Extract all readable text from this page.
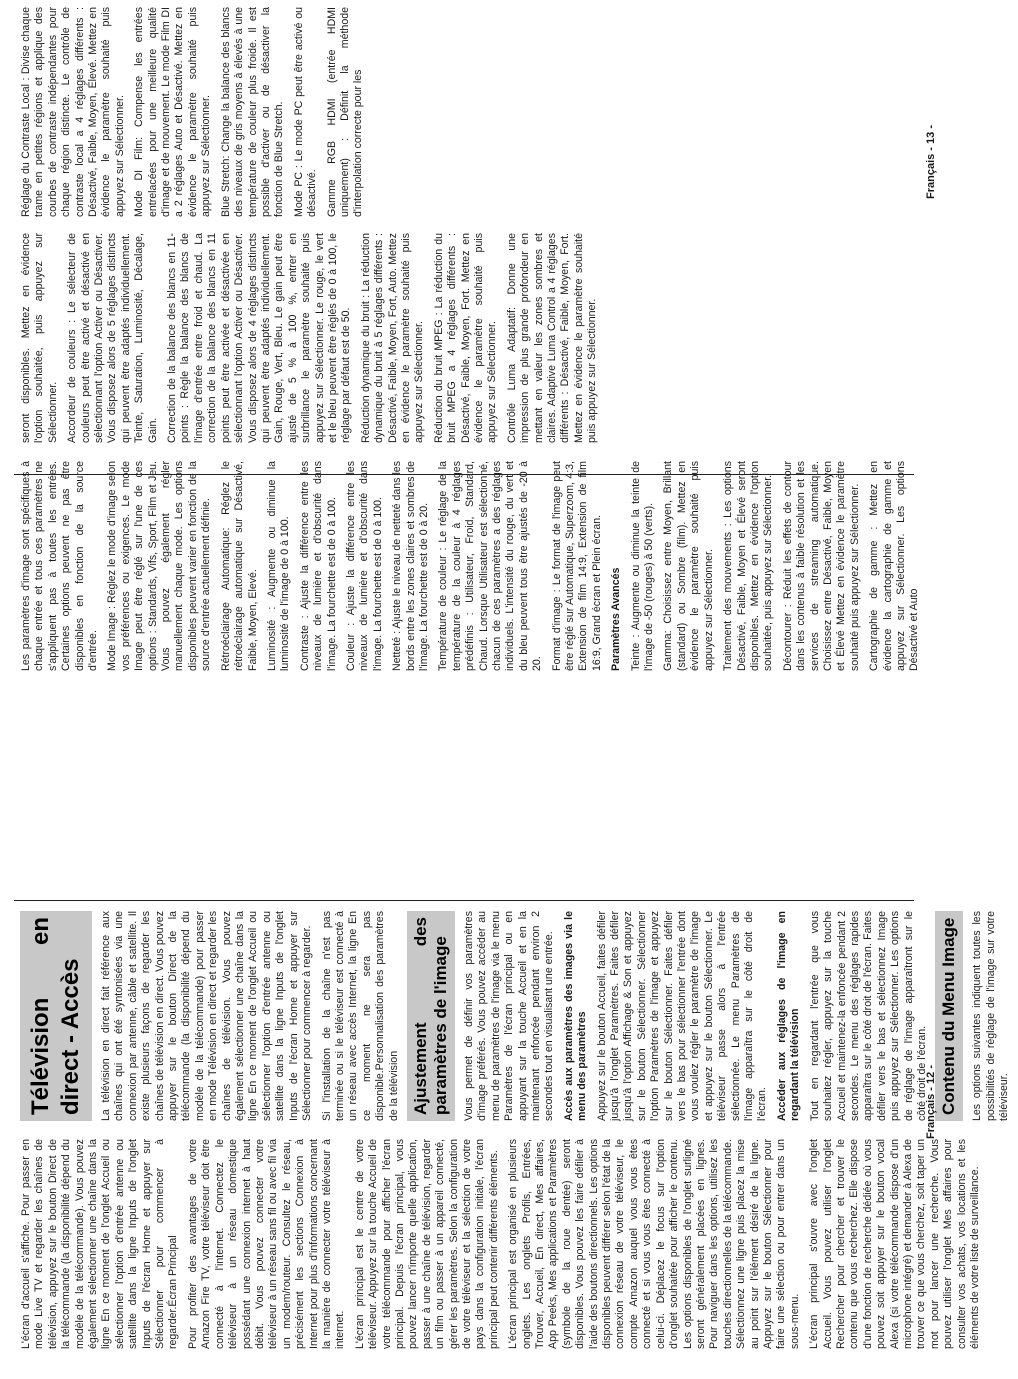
L'écran d'accueil s'affiche. Pour passer en mode Live TV et regarder les chaînes de télévision, appuyez sur le bouton Direct de la télécommande (la disponibilité dépend du modèle de la télécommande). Vous pouvez également sélectionner une chaîne dans la ligne En ce moment de l'onglet Accueil ou sélectionner l'option d'entrée antenne ou satellite dans la ligne Inputs de l'onglet Inputs de l'écran Home et appuyer sur Sélectionner pour commencer à regarder.Écran Principal Pour profiter des avantages de votre Amazon Fire TV, votre téléviseur doit être connecté à l'internet. Connectez le téléviseur à un réseau domestique possédant une connexion internet à haut débit. Vous pouvez connecter votre téléviseur à un réseau sans fil ou avec fil via un modem/routeur. Consultez le réseau, précisément les sections Connexion à Internet pour plus d'informations concernant la manière de connecter votre téléviseur à internet. L'écran principal est le centre de votre téléviseur. Appuyez sur la touche Accueil de votre télécommande pour afficher l'écran principal. Depuis l'écran principal, vous pouvez lancer n'importe quelle application, passer à une chaîne de télévision, regarder un film ou passer à un appareil connecté, gérer les paramètres. Selon la configuration de votre téléviseur et la sélection de votre pays dans la configuration initiale, l'écran principal peut contenir différents éléments. L'écran principal est organisé en plusieurs onglets. Les onglets Profils, Entrées, Trouver, Accueil, En direct, Mes affaires, App Peeks, Mes applications et Paramètres (symbole de la roue dentée) seront disponibles. Vous pouvez les faire défiler à l'aide des boutons directionnels. Les options disponibles peuvent différer selon l'état de la connexion réseau de votre téléviseur, le compte Amazon auquel vous vous êtes connecté et si vous vous êtes connecté à celui-ci. Déplacez le focus sur l'option d'onglet souhaitée pour afficher le contenu. Les options disponibles de l'onglet surligné seront généralement placées en lignes. Pour naviguer dans les options, utilisez les touches directionnelles de la télécommande. Sélectionnez une ligne puis placez la mise au point sur l'élément désiré de la ligne. Appuyez sur le bouton Sélectionner pour faire une sélection ou pour entrer dans un sous-menu. L'écran principal s'ouvre avec l'onglet Accueil. Vous pouvez utiliser l'onglet Rechercher pour chercher et trouver le contenu que vous recherchez. Elle dispose d'une fonction de recherche dédiée où vous pouvez soit appuyer sur le bouton vocal Alexa (si votre télécommande dispose d'un microphone intégré) et demander à Alexa de trouver ce que vous cherchez, soit taper un mot pour lancer une recherche. Vous pouvez utiliser l'onglet Mes affaires pour consulter vos achats, vos locations et les éléments de votre liste de surveillance.

Télévision en direct - Accès	La télévision en direct fait référence aux chaînes qui ont été syntonisées via une connexion par antenne, câble et satellite. Il existe plusieurs façons de regarder les chaînes de télévision en direct. Vous pouvez appuyer sur le bouton Direct de la télécommande (la disponibilité dépend du modèle de la télécommande) pour passer en mode Télévision en direct et regarder les chaînes de télévision. Vous pouvez également sélectionner une chaîne dans la ligne En ce moment de l'onglet Accueil ou sélectionner l'option d'entrée antenne ou satellite dans la ligne Inputs de l'onglet Inputs de l'écran Home et appuyer sur Sélectionner pour commencer à regarder. Si l'installation de la chaîne n'est pas terminée ou si le téléviseur est connecté à un réseau avec accès Internet, la ligne En ce moment ne sera pas disponible.Personnalisation des paramètres de la télévision Ajustement des paramètres de l'image	Vous permet de définir vos paramètres d'image préférés. Vous pouvez accéder au menu de paramètres de l'image via le menu Paramètres de l'écran principal ou en appuyant sur la touche Accueil et en la maintenant enfoncée pendant environ 2 secondes tout en visualisant une entrée. Accès aux paramètres des images via le menu des paramètres Appuyez sur le bouton Accueil, faites défiler jusqu'à l'onglet Paramètres. Faites défiler jusqu'à l'option Affichage & Son et appuyez sur le bouton Sélectionner. Sélectionner l'option Paramètres de l'image et appuyez sur le bouton Sélectionner. Faites défiler vers le bas pour sélectionner l'entrée dont vous voulez régler le paramètre de l'image et appuyez sur le bouton Sélectionner. Le téléviseur passe alors à l'entrée sélectionnée. Le menu Paramètres de l'image apparaîtra sur le côté droit de l'écran. Accéder aux réglages de l'image en regardant la télévision Tout en regardant l'entrée que vous souhaitez régler, appuyez sur la touche Accueil et maintenez-la enfoncée pendant 2 secondes. Le menu des réglages rapides apparaîtra sur le côté droit de l'écran. Faites défiler vers le bas et sélectionnez Image puis appuyez sur Sélectionner. Les options de réglage de l'image apparaîtront sur le côté droit de l'écran. Contenu du Menu Image	Les options suivantes indiquent toutes les possibilités de réglage de l'image sur votre téléviseur.

Français - 12 -

Les paramètres d'image sont spécifiques à chaque entrée et tous ces paramètres ne s'appliquent pas à toutes les entrées. Certaines options peuvent ne pas être disponibles en fonction de la source d'entrée. Mode Image : Réglez le mode d'image selon vos préférences ou exigences. Le mode Image peut être réglé sur l'une de ces options : Standards, Vifs, Sport, Film et Jeu. Vous pouvez également régler manuellement chaque mode. Les options disponibles peuvent varier en fonction de la source d'entrée actuellement définie. Rétroéclairage Automatique: Réglez le rétroéclairage automatique sur Désactivé, Faible, Moyen, Elevé. Luminosité : Augmente ou diminue la luminosité de l'image de 0 à 100. Contraste : Ajuste la différence entre les niveaux de lumière et d'obscurité dans l'image. La fourchette est de 0 à 100. Couleur : Ajuste la différence entre les niveaux de lumière et d'obscurité dans l'image. La fourchette est de 0 à 100. Netteté : Ajuste le niveau de netteté dans les bords entre les zones claires et sombres de l'image. La fourchette est de 0 à 20. Température de couleur : Le réglage de la température de la couleur à 4 réglages prédéfinis : Utilisateur, Froid, Standard, Chaud. Lorsque Utilisateur est sélectionné, chacun de ces paramètres a des réglages individuels. L'intensité du rouge, du vert et du bleu peuvent tous être ajustés de -20 à 20. Format d'image : Le format de l'image peut être réglé sur Automatique, Superzoom, 4:3, Extension de film 14:9, Extension de film 16:9, Grand écran et Plein écran. Paramètres Avancés Teinte : Augmente ou diminue la teinte de l'image de -50 (rouges) à 50 (verts). Gamma: Choisissez entre Moyen, Brillant (standard) ou Sombre (film). Mettez en évidence le paramètre souhaité puis appuyez sur Sélectionner. Traitement des mouvements : Les options Désactivé, Faible, Moyen et Élevé seront disponibles. Mettez en évidence l'option souhaitée, puis appuyez sur Sélectionner. Décontourer : Réduit les effets de contour dans les contenus à faible résolution et les services de streaming automatique. Choisissez entre Désactivé, Faible, Moyen et Élevé Mettez en évidence le paramètre souhaité puis appuyez sur Sélectionner. Cartographie de gamme : Mettez en évidence la cartographie de gamme et appuyez sur Sélectionner. Les options Désactivé et Auto

seront disponibles. Mettez en évidence l'option souhaitée, puis appuyez sur Sélectionner. Accordeur de couleurs : Le sélecteur de couleurs peut être activé et désactivé en sélectionnant l'option Activer ou Désactiver. Vous disposez alors de 5 réglages distincts qui peuvent être adaptés individuellement. Teinte, Saturation, Luminosité, Décalage, Gain. Correction de la balance des blancs en 11-points : Règle la balance des blancs de l'image d'entrée entre froid et chaud. La correction de la balance des blancs en 11 points peut être activée et désactivée en sélectionnant l'option Activer ou Désactiver. Vous disposez alors de 4 réglages distincts qui peuvent être adaptés individuellement. Gain, Rouge, Vert, Bleu. Le gain peut être ajusté de 5 % à 100 %, entrer en surbrillance le paramètre souhaité puis appuyez sur Sélectionner. Le rouge, le vert et le bleu peuvent être réglés de 0 à 100, le réglage par défaut est de 50. Réduction dynamique du bruit : La réduction dynamique du bruit à 5 réglages différents : Désactivé, Faible, Moyen, Fort, Auto. Mettez en évidence le paramètre souhaité puis appuyez sur Sélectionner. Réduction du bruit MPEG : La réduction du bruit MPEG a 4 réglages différents : Désactivé, Faible, Moyen, Fort. Mettez en évidence le paramètre souhaité puis appuyez sur Sélectionner. Contrôle Luma Adaptatif: Donne une impression de plus grande profondeur en mettant en valeur les zones sombres et claires. Adaptive Luma Control a 4 réglages différents : Désactivé, Faible, Moyen, Fort. Mettez en évidence le paramètre souhaité puis appuyez sur Sélectionner.

Réglage du Contraste Local : Divise chaque trame en petites régions et applique des courbes de contraste indépendantes pour chaque région distincte. Le contrôle de contraste local a 4 réglages différents : Désactivé, Faible, Moyen, Élevé. Mettez en évidence le paramètre souhaité puis appuyez sur Sélectionner. Mode DI Film: Compense les entrées entrelacées pour une meilleure qualité d'image et de mouvement. Le mode Film DI a 2 réglages Auto et Désactivé. Mettez en évidence le paramètre souhaité puis appuyez sur Sélectionner. Blue Stretch: Change la balance des blancs des niveaux de gris moyens à élevés à une température de couleur plus froide. Il est possible d'activer ou de désactiver la fonction de Blue Stretch. Mode PC : Le mode PC peut être activé ou désactivé. Gamme RGB HDMI (entrée HDMI uniquement) : Définit la méthode d'interpolation correcte pour les	Français - 13 -
